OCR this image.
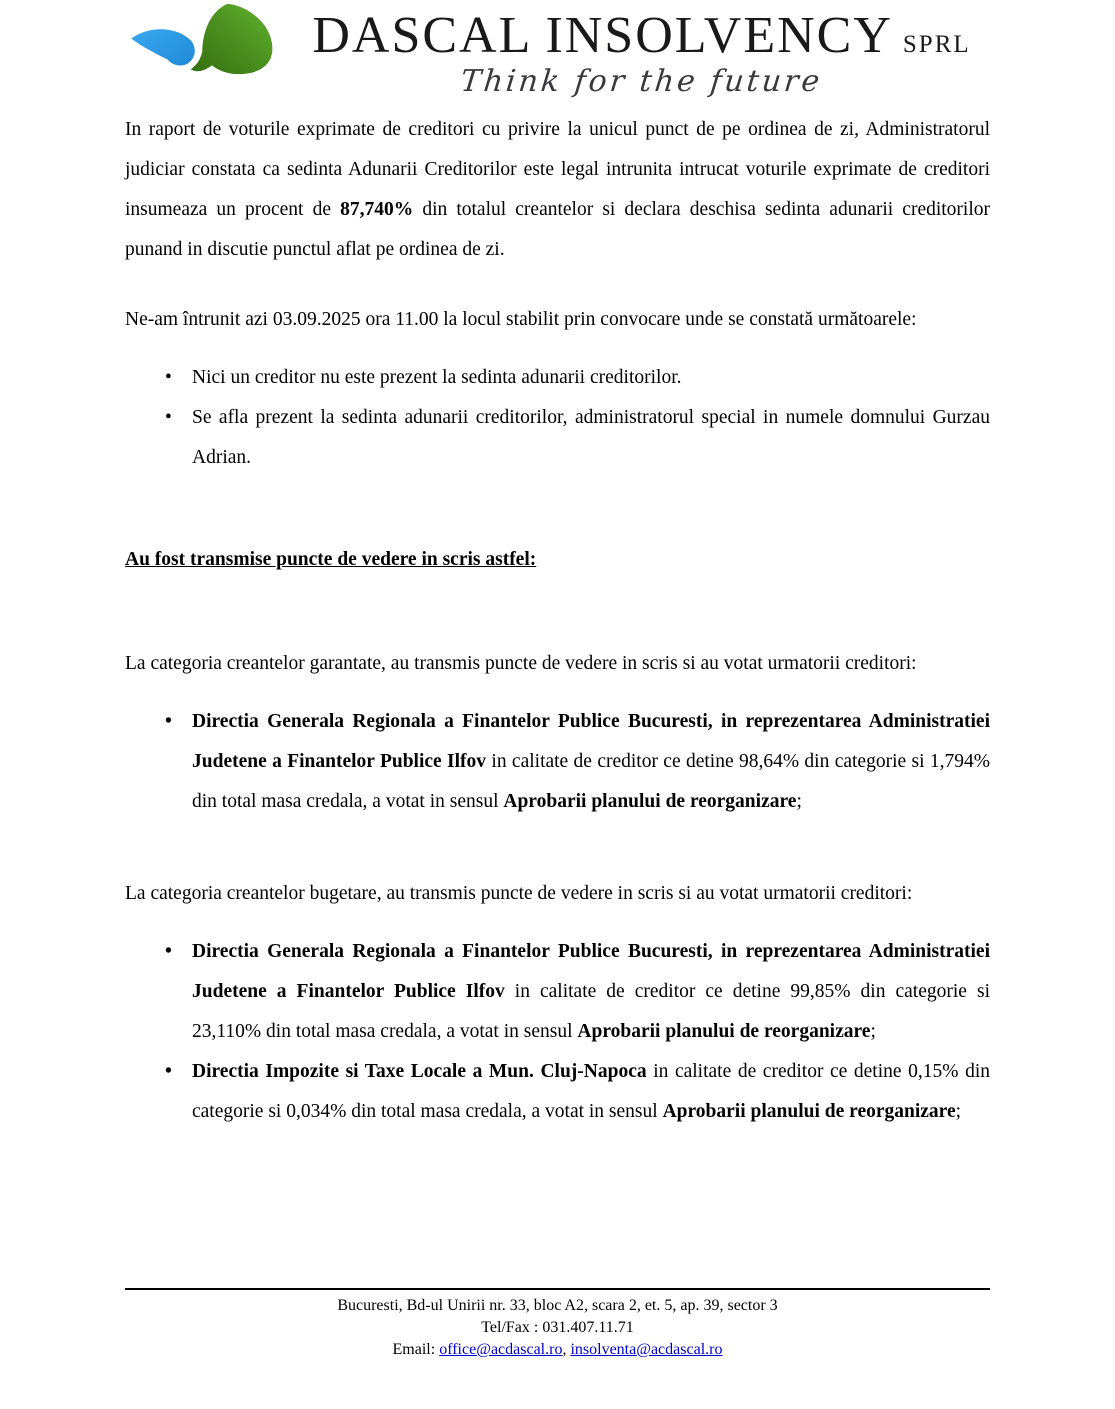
DASCAL INSOLVENCY SPRL
Think for the future

In raport de voturile exprimate de creditori cu privire la unicul punct de pe ordinea de zi, Administratorul judiciar constata ca sedinta Adunarii Creditorilor este legal intrunita intrucat voturile exprimate de creditori insumeaza un procent de 87,740% din totalul creantelor si declara deschisa sedinta adunarii creditorilor punand in discutie punctul aflat pe ordinea de zi.

Ne-am întrunit azi 03.09.2025 ora 11.00 la locul stabilit prin convocare unde se constată următoarele:

•	Nici un creditor nu este prezent la sedinta adunarii creditorilor.
•	Se afla prezent la sedinta adunarii creditorilor, administratorul special in numele domnului Gurzau Adrian.

Au fost transmise puncte de vedere in scris astfel:

La categoria creantelor garantate, au transmis puncte de vedere in scris si au votat urmatorii creditori:

•	Directia Generala Regionala a Finantelor Publice Bucuresti, in reprezentarea Administratiei Judetene a Finantelor Publice Ilfov in calitate de creditor ce detine 98,64% din categorie si 1,794% din total masa credala, a votat in sensul Aprobarii planului de reorganizare;

La categoria creantelor bugetare, au transmis puncte de vedere in scris si au votat urmatorii creditori:

•	Directia Generala Regionala a Finantelor Publice Bucuresti, in reprezentarea Administratiei Judetene a Finantelor Publice Ilfov in calitate de creditor ce detine 99,85% din categorie si 23,110% din total masa credala, a votat in sensul Aprobarii planului de reorganizare;
•	Directia Impozite si Taxe Locale a Mun. Cluj-Napoca in calitate de creditor ce detine 0,15% din categorie si 0,034% din total masa credala, a votat in sensul Aprobarii planului de reorganizare;
Bucuresti, Bd-ul Unirii nr. 33, bloc A2, scara 2, et. 5, ap. 39, sector 3
Tel/Fax : 031.407.11.71
Email: office@acdascal.ro, insolventa@acdascal.ro
